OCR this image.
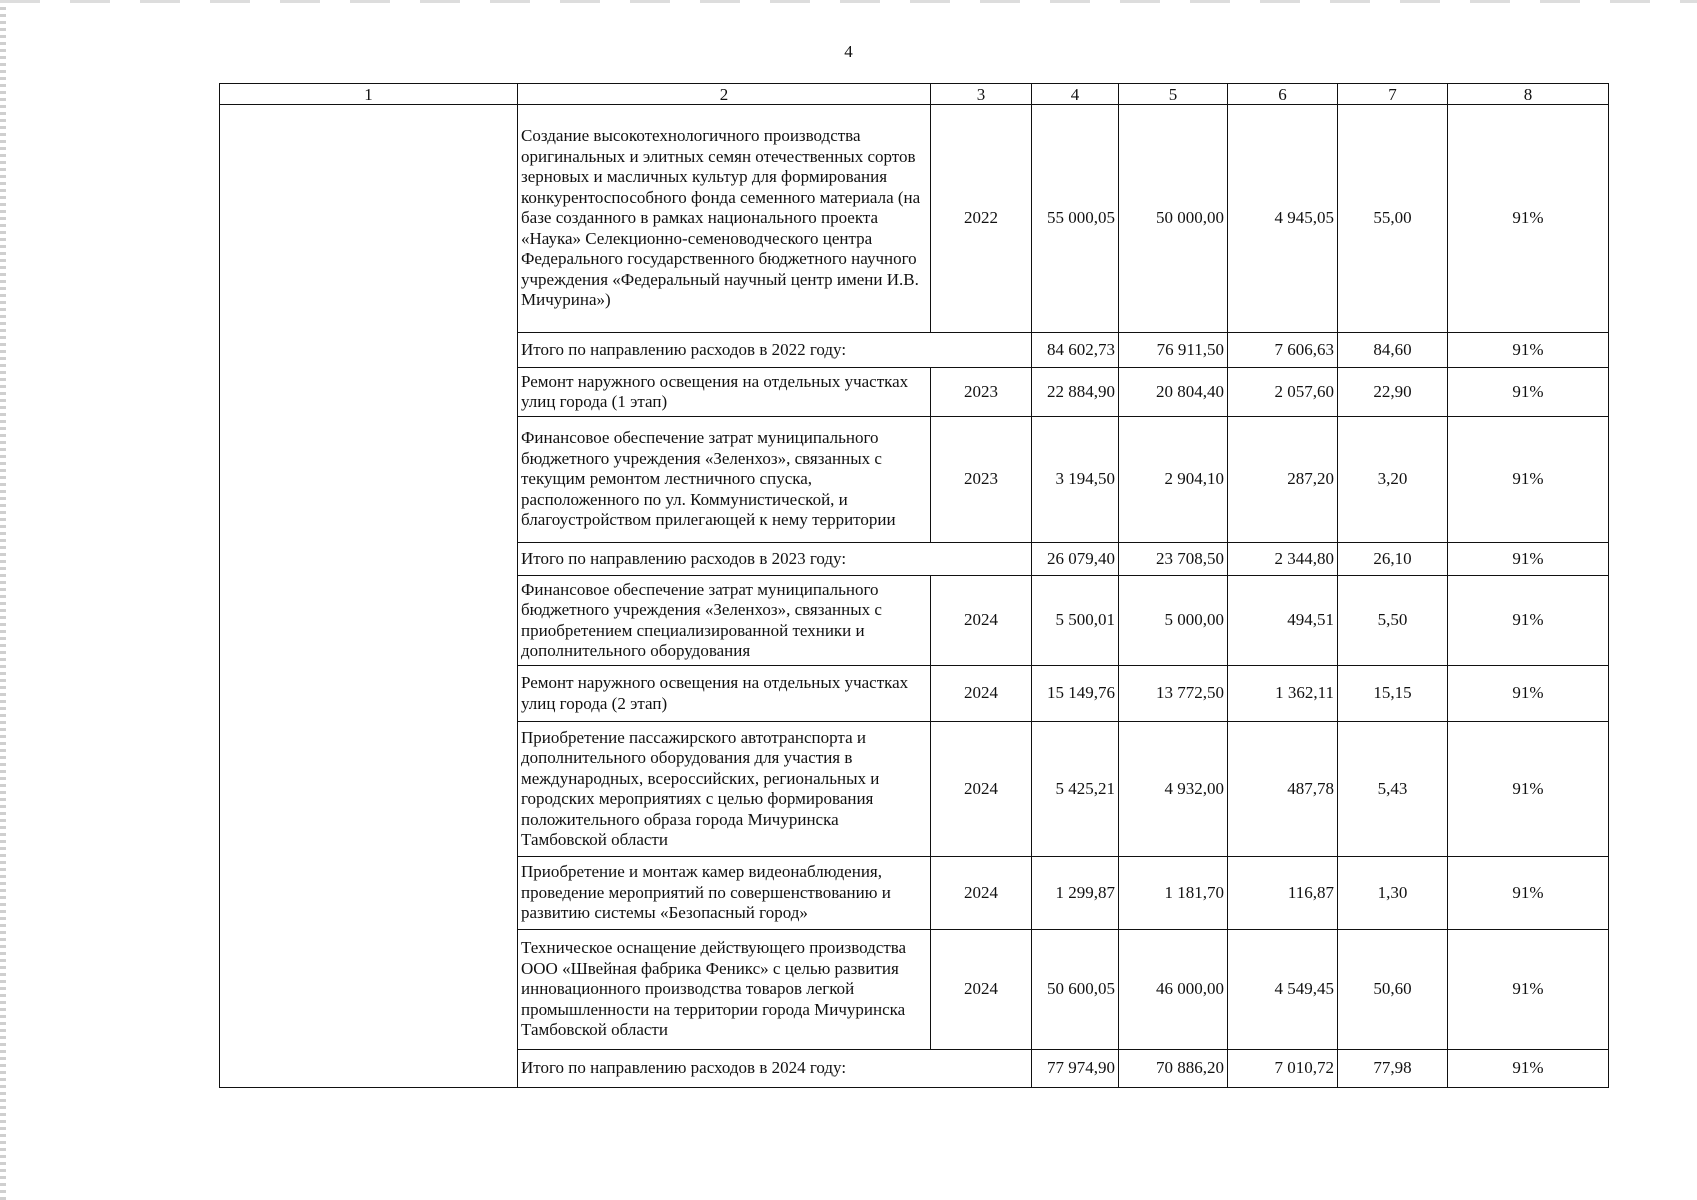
4
1	2	3	4	5	6	7	8
	Создание высокотехнологичного производства оригинальных и элитных семян отечественных сортов зерновых и масличных культур для формирования конкурентоспособного фонда семенного материала (на базе созданного в рамках национального проекта «Наука» Селекционно-семеноводческого центра Федерального государственного бюджетного научного учреждения «Федеральный научный центр имени И.В. Мичурина»)	2022	55 000,05	50 000,00	4 945,05	55,00	91%
	Итого по направлению расходов в 2022 году:		84 602,73	76 911,50	7 606,63	84,60	91%
	Ремонт наружного освещения на отдельных участках улиц города (1 этап)	2023	22 884,90	20 804,40	2 057,60	22,90	91%
	Финансовое обеспечение затрат муниципального бюджетного учреждения «Зеленхоз», связанных с текущим ремонтом лестничного спуска, расположенного по ул. Коммунистической, и благоустройством прилегающей к нему территории	2023	3 194,50	2 904,10	287,20	3,20	91%
	Итого по направлению расходов в 2023 году:		26 079,40	23 708,50	2 344,80	26,10	91%
	Финансовое обеспечение затрат муниципального бюджетного учреждения «Зеленхоз», связанных с приобретением специализированной техники и дополнительного оборудования	2024	5 500,01	5 000,00	494,51	5,50	91%
	Ремонт наружного освещения на отдельных участках улиц города (2 этап)	2024	15 149,76	13 772,50	1 362,11	15,15	91%
	Приобретение пассажирского автотранспорта и дополнительного оборудования для участия в международных, всероссийских, региональных и городских мероприятиях с целью формирования положительного образа города Мичуринска Тамбовской области	2024	5 425,21	4 932,00	487,78	5,43	91%
	Приобретение и монтаж камер видеонаблюдения, проведение мероприятий по совершенствованию и развитию системы «Безопасный город»	2024	1 299,87	1 181,70	116,87	1,30	91%
	Техническое оснащение действующего производства ООО «Швейная фабрика Феникс» с целью развития инновационного производства товаров легкой промышленности на территории города Мичуринска Тамбовской области	2024	50 600,05	46 000,00	4 549,45	50,60	91%
	Итого по направлению расходов в 2024 году:		77 974,90	70 886,20	7 010,72	77,98	91%
